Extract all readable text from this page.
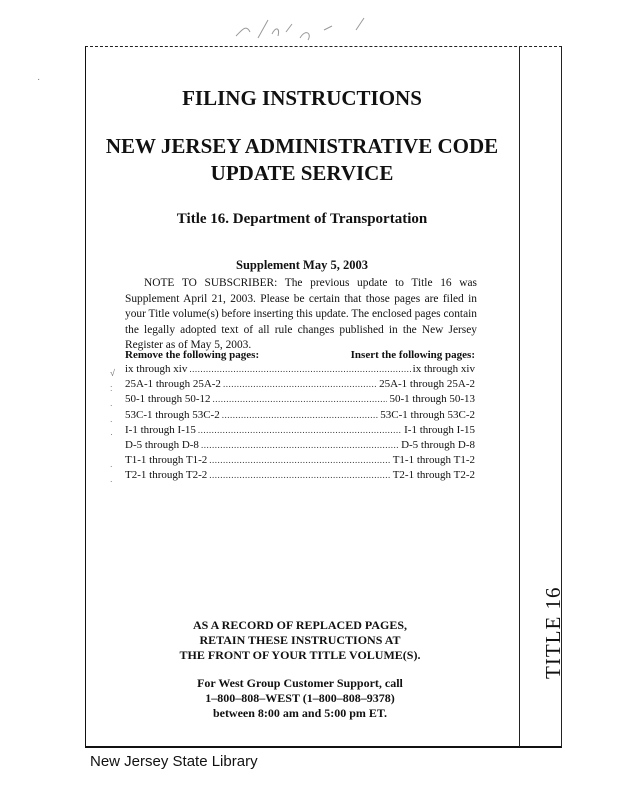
·
TITLE 16
FILING INSTRUCTIONS
NEW JERSEY ADMINISTRATIVE CODE
UPDATE SERVICE
Title 16. Department of Transportation
Supplement May 5, 2003
NOTE TO SUBSCRIBER: The previous update to Title 16 was Supplement April 21, 2003. Please be certain that those pages are filed in your Title volume(s) before inserting this update. The enclosed pages contain the legally adopted text of all rule changes published in the New Jersey Register as of May 5, 2003.
Remove the following pages:	Insert the following pages:
√
:
.
.
·

.
.
ix through xiv .....	ix through xiv
25A-1 through 25A-2 .....	25A-1 through 25A-2
50-1 through 50-12 .....	50-1 through 50-13
53C-1 through 53C-2 .....	53C-1 through 53C-2
I-1 through I-15 .....	I-1 through I-15
D-5 through D-8 .....	D-5 through D-8
T1-1 through T1-2 .....	T1-1 through T1-2
T2-1 through T2-2 .....	T2-1 through T2-2
AS A RECORD OF REPLACED PAGES,
RETAIN THESE INSTRUCTIONS AT
THE FRONT OF YOUR TITLE VOLUME(S).
For West Group Customer Support, call
1–800–808–WEST (1–800–808–9378)
between 8:00 am and 5:00 pm ET.
New Jersey State Library
